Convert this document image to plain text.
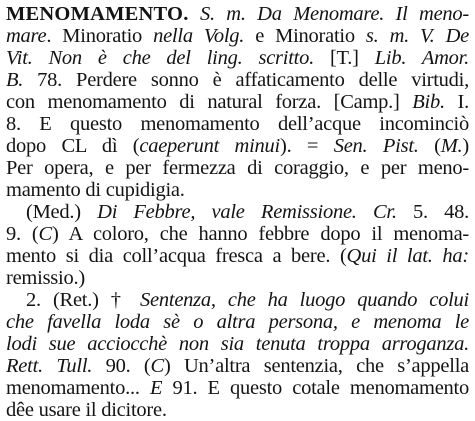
MENOMAMENTO. S. m. Da Menomare. Il meno-
mare. Minoratio nella Volg. e Minoratio s. m. V. De
Vit. Non è che del ling. scritto. [T.] Lib. Amor.
B. 78. Perdere sonno è affaticamento delle virtudi,
con menomamento di natural forza. [Camp.] Bib. I.
8. E questo menomamento dell’acque incominciò
dopo CL dì (caeperunt minui). = Sen. Pist. (M.)
Per opera, e per fermezza di coraggio, e per meno-
mamento di cupidigia.
(Med.) Di Febbre, vale Remissione. Cr. 5. 48.
9. (C) A coloro, che hanno febbre dopo il menoma-
mento si dia coll’acqua fresca a bere. (Qui il lat. ha:
remissio.)
2. (Ret.) † Sentenza, che ha luogo quando colui
che favella loda sè o altra persona, e menoma le
lodi sue acciocchè non sia tenuta troppa arroganza.
Rett. Tull. 90. (C) Un’altra sentenzia, che s’appella
menomamento... E 91. E questo cotale menomamento
dêe usare il dicitore.
